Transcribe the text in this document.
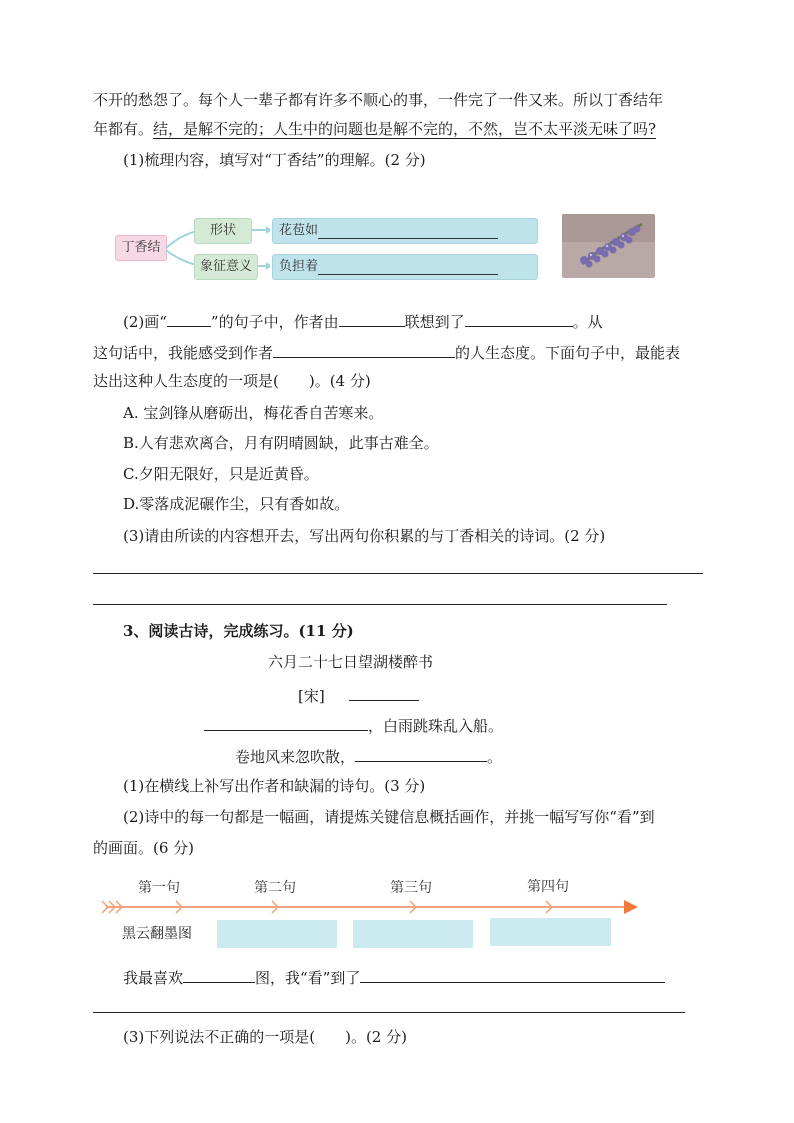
不开的愁怨了。每个人一辈子都有许多不顺心的事，一件完了一件又来。所以丁香结年
年都有。结，是解不完的；人生中的问题也是解不完的，不然，岂不太平淡无味了吗?
(1)梳理内容，填写对“丁香结”的理解。(2 分)
丁香结
形状
象征意义
花苞如
负担着
(2)画“	”的句子中，作者由	联想到了	。从
这句话中，我能感受到作者	的人生态度。下面句子中，最能表
达出这种人生态度的一项是(　　)。(4 分)
A. 宝剑锋从磨砺出，梅花香自苦寒来。
B.人有悲欢离合，月有阴晴圆缺，此事古难全。
C.夕阳无限好，只是近黄昏。
D.零落成泥碾作尘，只有香如故。
(3)请由所读的内容想开去，写出两句你积累的与丁香相关的诗词。(2 分)
3、阅读古诗，完成练习。(11 分)
六月二十七日望湖楼醉书
[宋]
，白雨跳珠乱入船。
卷地风来忽吹散，	。
(1)在横线上补写出作者和缺漏的诗句。(3 分)
(2)诗中的每一句都是一幅画，请提炼关键信息概括画作，并挑一幅写写你“看”到
的画面。(6 分)
第一句	第二句	第三句	第四句
黑云翻墨图
我最喜欢	图，我“看”到了
(3)下列说法不正确的一项是(　　)。(2 分)
